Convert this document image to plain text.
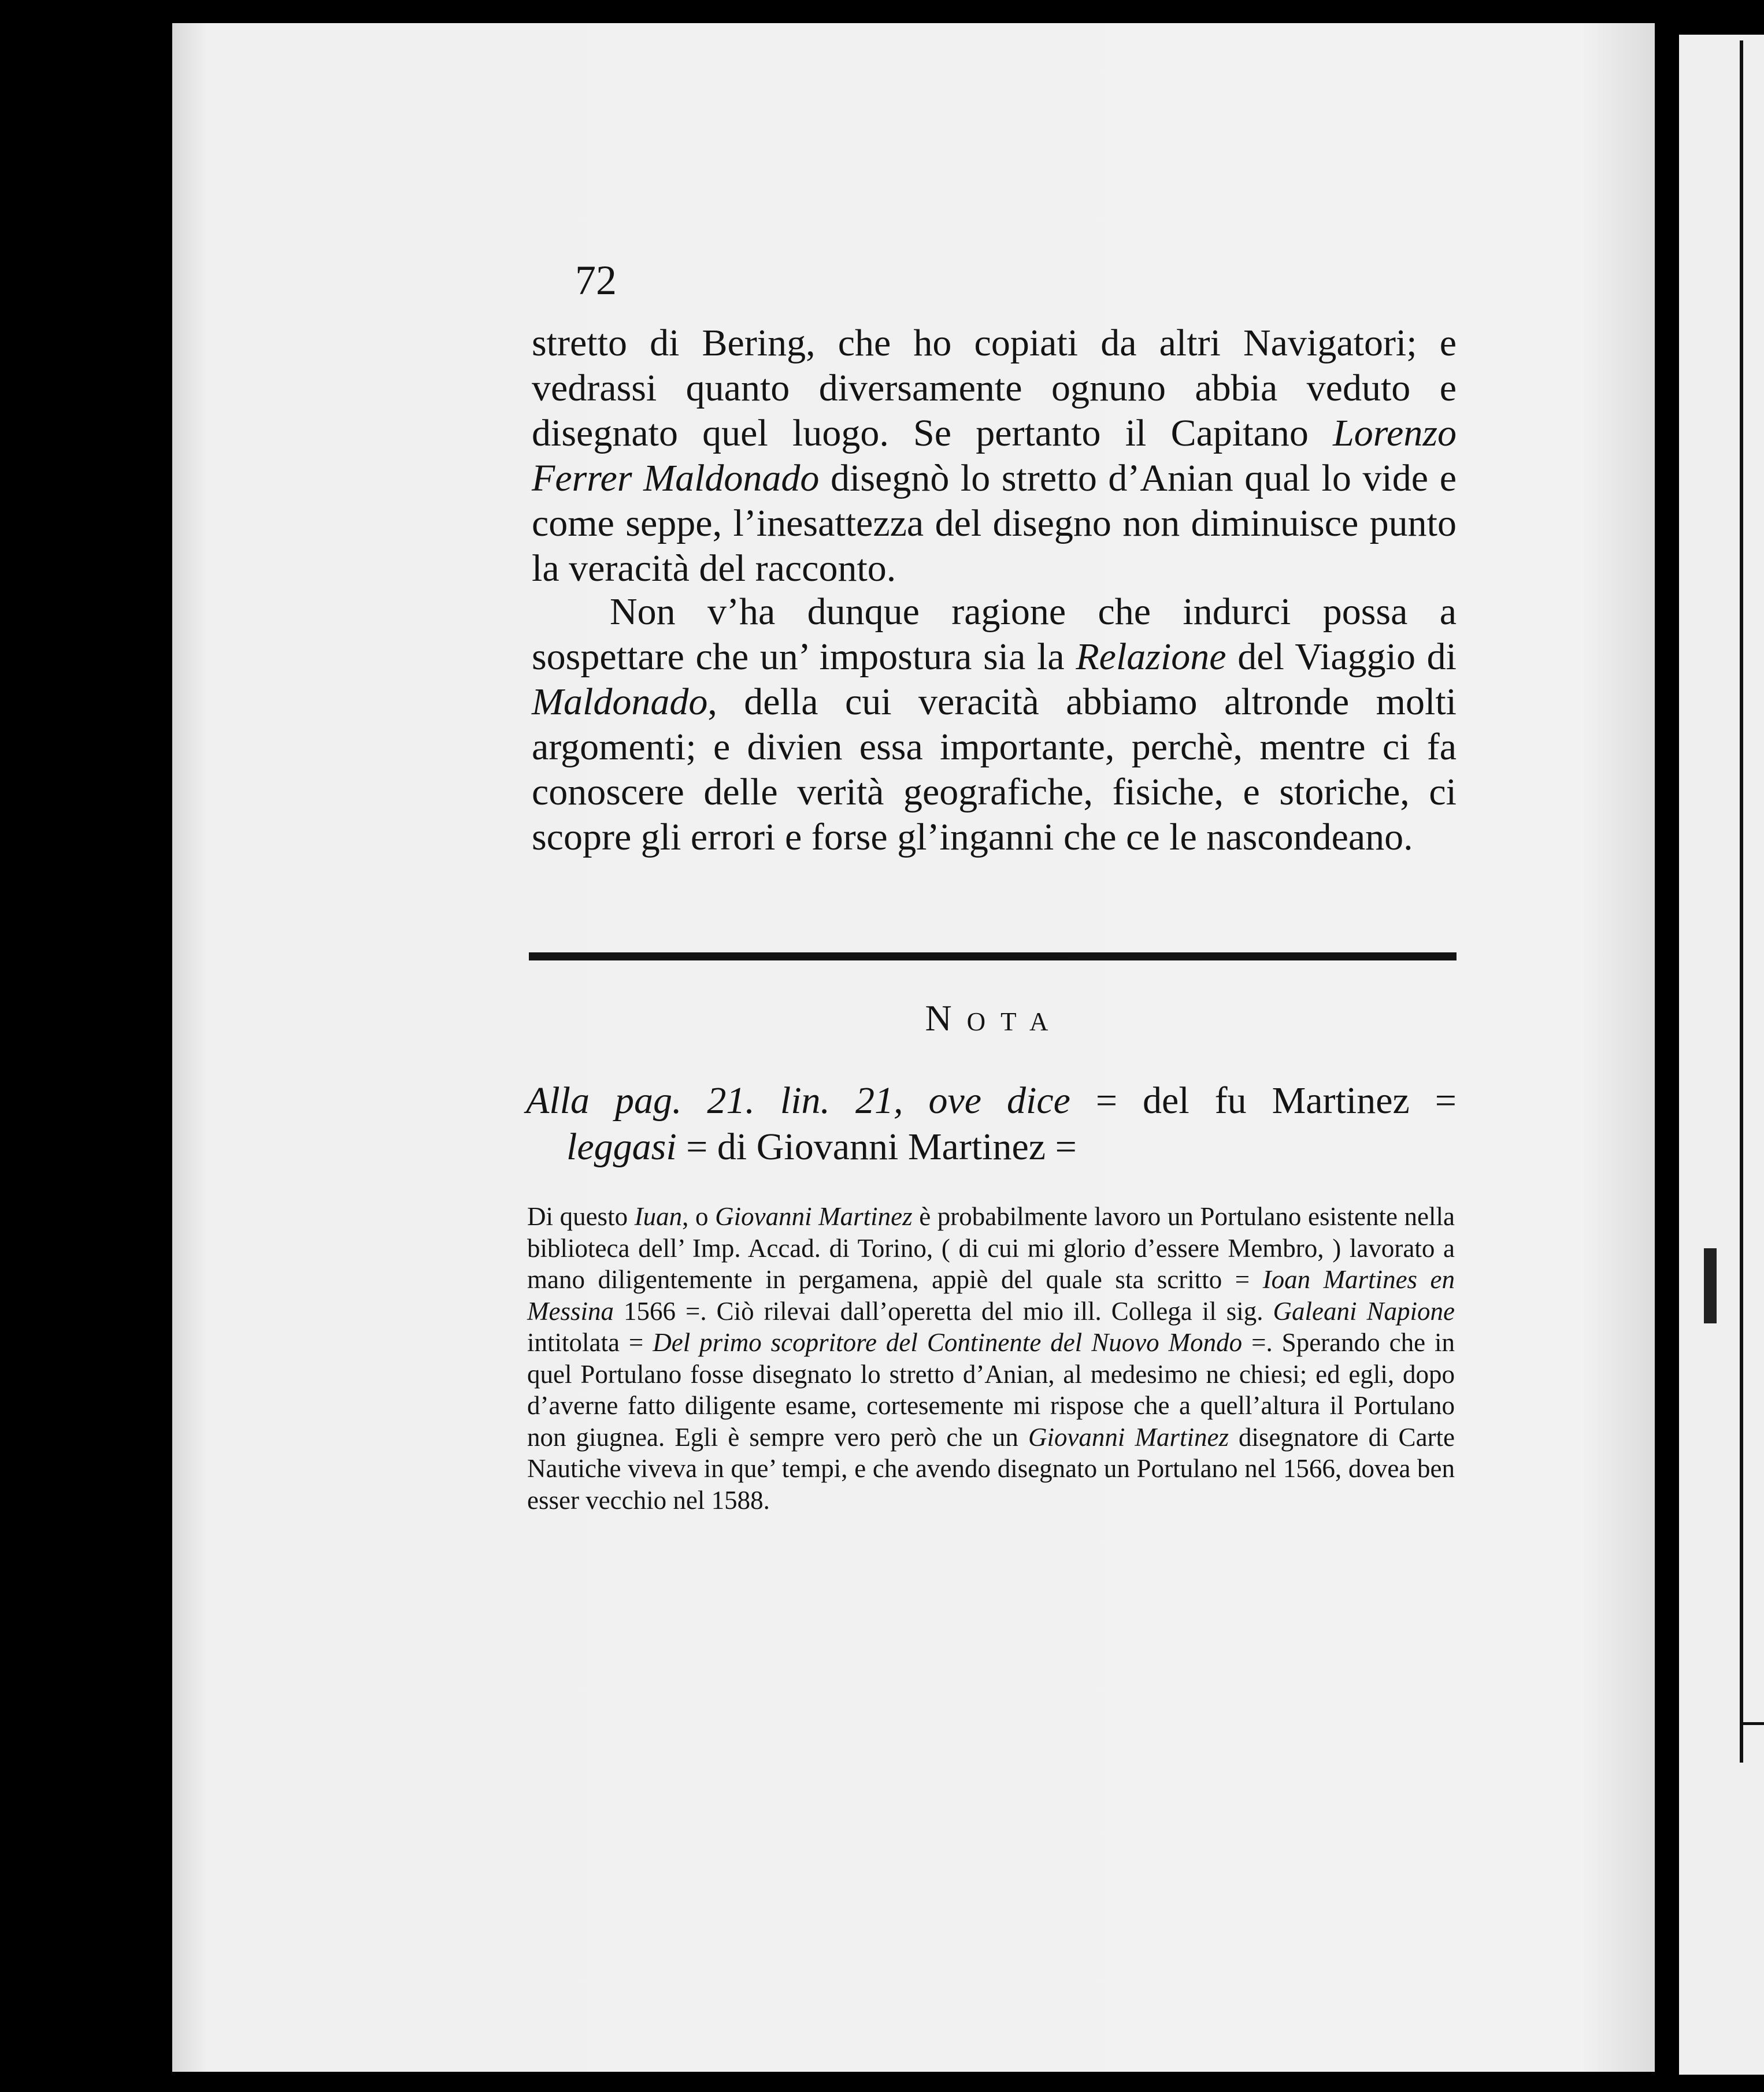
72

stretto di Bering, che ho copiati da altri Navigatori; e vedrassi quanto diversamente ognuno abbia veduto e disegnato quel luogo. Se pertanto il Capitano Lorenzo Ferrer Maldonado disegnò lo stretto d’Anian qual lo vide e come seppe, l’inesattezza del disegno non diminuisce punto la veracità del racconto.

Non v’ha dunque ragione che indurci possa a sospettare che un’ impostura sia la Relazione del Viaggio di Maldonado, della cui veracità abbiamo altronde molti argomenti; e divien essa importante, perchè, mentre ci fa conoscere delle verità geografiche, fisiche, e storiche, ci scopre gli errori e forse gl’inganni che ce le nascondeano.

Nota

Alla pag. 21. lin. 21, ove dice = del fu Martinez =
leggasi = di Giovanni Martinez =

Di questo Iuan, o Giovanni Martinez è probabilmente lavoro un Portulano esistente nella biblioteca dell’ Imp. Accad. di Torino, ( di cui mi glorio d’essere Membro, ) lavorato a mano diligentemente in pergamena, appiè del quale sta scritto = Ioan Martines en Messina 1566 =. Ciò rilevai dall’operetta del mio ill. Collega il sig. Galeani Napione intitolata = Del primo scopritore del Continente del Nuovo Mondo =. Sperando che in quel Portulano fosse disegnato lo stretto d’Anian, al medesimo ne chiesi; ed egli, dopo d’averne fatto diligente esame, cortesemente mi rispose che a quell’altura il Portulano non giugnea. Egli è sempre vero però che un Giovanni Martinez disegnatore di Carte Nautiche viveva in que’ tempi, e che avendo disegnato un Portulano nel 1566, dovea ben esser vecchio nel 1588.
